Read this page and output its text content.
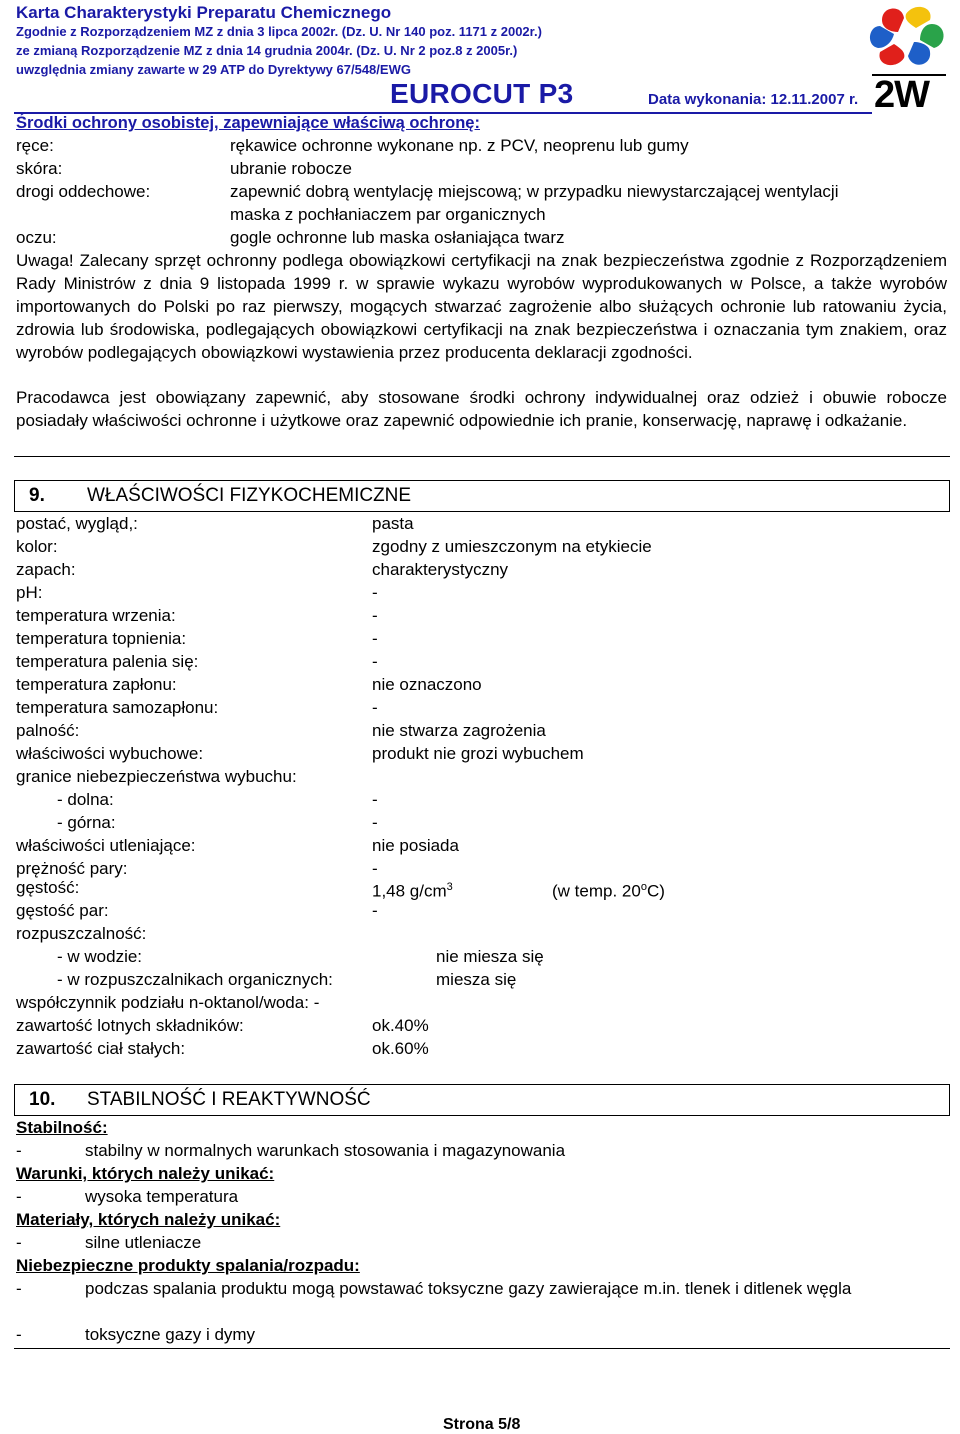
Karta Charakterystyki Preparatu Chemicznego
Zgodnie z Rozporządzeniem MZ z dnia 3 lipca 2002r. (Dz. U. Nr 140 poz. 1171 z 2002r.)
ze zmianą Rozporządzenie MZ z dnia 14 grudnia 2004r. (Dz. U. Nr 2 poz.8 z 2005r.)
uwzględnia zmiany zawarte w 29 ATP do Dyrektywy 67/548/EWG
EUROCUT P3	Data wykonania: 12.11.2007 r. 2W
Środki ochrony osobistej, zapewniające właściwą ochronę:
ręce:	rękawice ochronne wykonane np. z PCV, neoprenu lub gumy
skóra:	ubranie robocze
drogi oddechowe:	zapewnić dobrą wentylację miejscową; w przypadku niewystarczającej wentylacji
maska z pochłaniaczem par organicznych
oczu:	gogle ochronne lub maska osłaniająca twarz
Uwaga! Zalecany sprzęt ochronny podlega obowiązkowi certyfikacji na znak bezpieczeństwa zgodnie z Rozporządzeniem Rady Ministrów z dnia 9 listopada 1999 r. w sprawie wykazu wyrobów wyprodukowanych w Polsce, a także wyrobów importowanych do Polski po raz pierwszy, mogących stwarzać zagrożenie albo służących ochronie lub ratowaniu życia, zdrowia lub środowiska, podlegających obowiązkowi certyfikacji na znak bezpieczeństwa i oznaczania tym znakiem, oraz wyrobów podlegających obowiązkowi wystawienia przez producenta deklaracji zgodności.
Pracodawca jest obowiązany zapewnić, aby stosowane środki ochrony indywidualnej oraz odzież i obuwie robocze posiadały właściwości ochronne i użytkowe oraz zapewnić odpowiednie ich pranie, konserwację, naprawę i odkażanie.
9. WŁAŚCIWOŚCI FIZYKOCHEMICZNE
postać, wygląd,:	pasta
kolor:	zgodny z umieszczonym na etykiecie
zapach:	charakterystyczny
pH:	-
temperatura wrzenia:	-
temperatura topnienia:	-
temperatura palenia się:	-
temperatura zapłonu:	nie oznaczono
temperatura samozapłonu:	-
palność:	nie stwarza zagrożenia
właściwości wybuchowe:	produkt nie grozi wybuchem
granice niebezpieczeństwa wybuchu:
- dolna:	-
- górna:	-
właściwości utleniające:	nie posiada
prężność pary:	-
gęstość:	1,48 $g/cm^3$	(w temp. 20$^o$C)
gęstość par:	-
rozpuszczalność:
- w wodzie:	nie miesza się
- w rozpuszczalnikach organicznych:	miesza się
współczynnik podziału n-oktanol/woda: -
zawartość lotnych składników:	ok.40%
zawartość ciał stałych:	ok.60%
10. STABILNOŚĆ I REAKTYWNOŚĆ
Stabilność:
-	stabilny w normalnych warunkach stosowania i magazynowania
Warunki, których należy unikać:
-	wysoka temperatura
Materiały, których należy unikać:
-	silne utleniacze
Niebezpieczne produkty spalania/rozpadu:
-	podczas spalania produktu mogą powstawać toksyczne gazy zawierające m.in. tlenek i ditlenek węgla
-	toksyczne gazy i dymy
Strona 5/8
